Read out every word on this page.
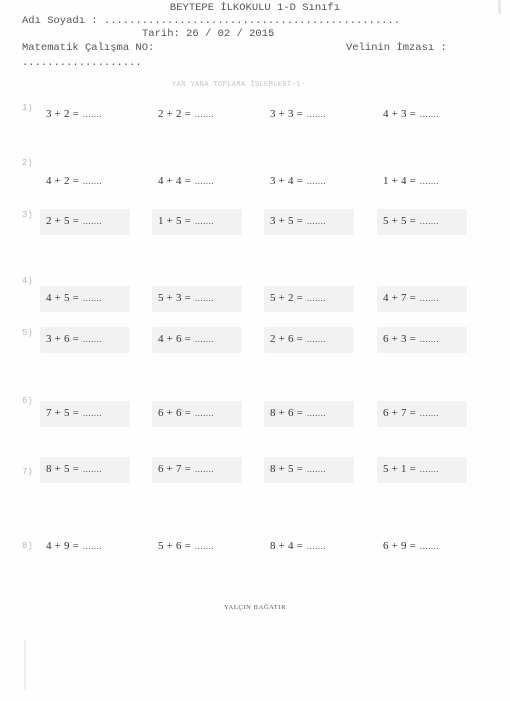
BEYTEPE İLKOKULU 1-D Sınıfı
Adı Soyadı : ...............................................
Tarih: 26 / 02 / 2015
Matematik Çalışma NO:	Velinin İmzası :
...................
YAN YANA TOPLAMA İŞLEMLERİ-1-
1) 3 + 2 = .......	2 + 2 = .......	3 + 3 = .......	4 + 3 = .......
2)
4 + 2 = .......	4 + 4 = .......	3 + 4 = .......	1 + 4 = .......
3) 2 + 5 = .......	1 + 5 = .......	3 + 5 = .......	5 + 5 = .......
4)
4 + 5 = .......	5 + 3 = .......	5 + 2 = .......	4 + 7 = .......
5) 3 + 6 = .......	4 + 6 = .......	2 + 6 = .......	6 + 3 = .......
6)
7 + 5 = .......	6 + 6 = .......	8 + 6 = .......	6 + 7 = .......
7) 8 + 5 = .......	6 + 7 = .......	8 + 5 = .......	5 + 1 = .......
8) 4 + 9 = .......	5 + 6 = .......	8 + 4 = .......	6 + 9 = .......
YALÇIN BAĞATIR
